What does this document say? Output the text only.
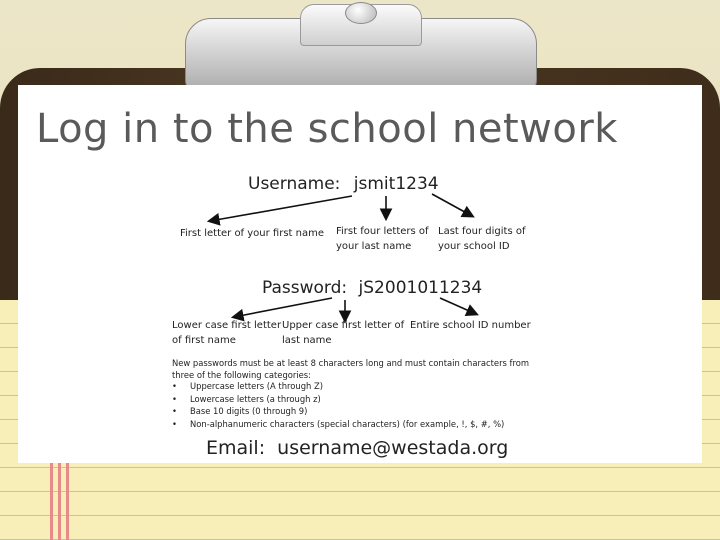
Log in to the school network
Username: jsmit1234
First letter of your first name First four letters of
your last name
Last four digits of
your school ID
Password: jS2001011234
Lower case first letter
of first name
Upper case first letter of
last name
Entire school ID number
New passwords must be at least 8 characters long and must contain characters from three of the following categories:
• Uppercase letters (A through Z)
• Lowercase letters (a through z)
• Base 10 digits (0 through 9)
• Non-alphanumeric characters (special characters) (for example, !, $, #, %)
Email: username@westada.org
